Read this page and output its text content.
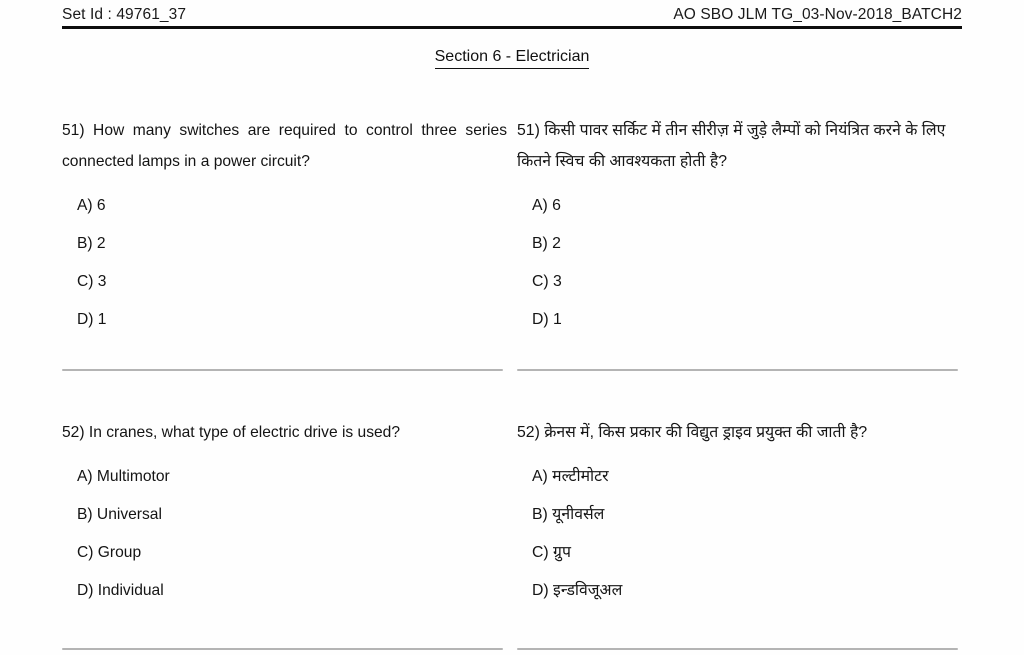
Set Id : 49761_37	AO SBO JLM TG_03-Nov-2018_BATCH2
Section 6 - Electrician
51) How many switches are required to control three series connected lamps in a power circuit?
A) 6
B) 2
C) 3
D) 1
51) किसी पावर सर्किट में तीन सीरीज़ में जुड़े लैम्पों को नियंत्रित करने के लिए कितने स्विच की आवश्यकता होती है?
A) 6
B) 2
C) 3
D) 1
52) In cranes, what type of electric drive is used?
A) Multimotor
B) Universal
C) Group
D) Individual
52) क्रेनस में, किस प्रकार की विद्युत ड्राइव प्रयुक्त की जाती है?
A) मल्टीमोटर
B) यूनीवर्सल
C) ग्रुप
D) इन्डविजूअल
